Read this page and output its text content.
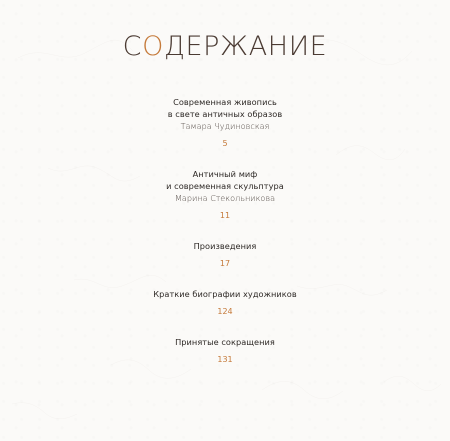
СОДЕРЖАНИЕ
Современная живопись
в свете античных образов
Тамара Чудиновская
5
Античный миф
и современная скульптура
Марина Стекольникова
11
Произведения
17
Краткие биографии художников
124
Принятые сокращения
131
